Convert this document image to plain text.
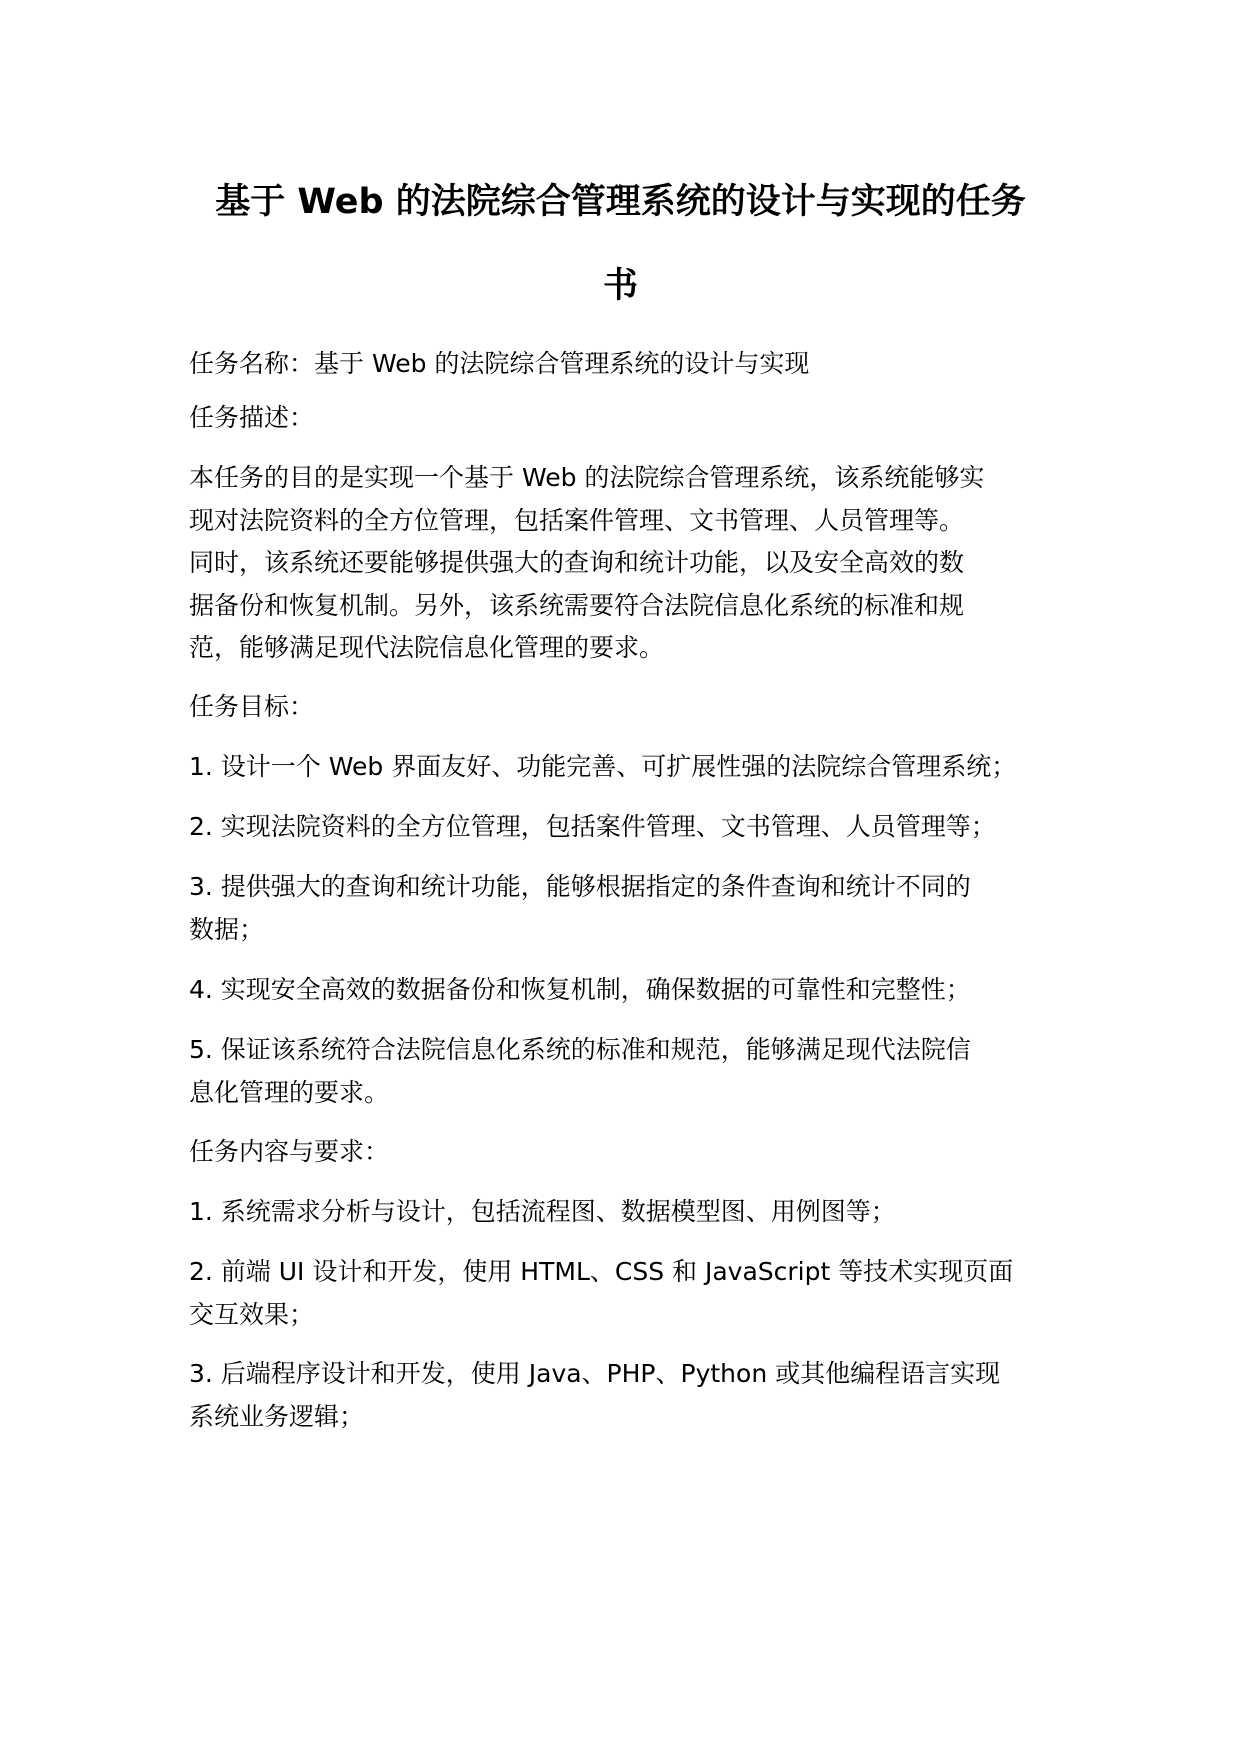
基于 Web 的法院综合管理系统的设计与实现的任务
书

任务名称：基于 Web 的法院综合管理系统的设计与实现

任务描述：

本任务的目的是实现一个基于 Web 的法院综合管理系统，该系统能够实

现对法院资料的全方位管理，包括案件管理、文书管理、人员管理等。

同时，该系统还要能够提供强大的查询和统计功能，以及安全高效的数

据备份和恢复机制。另外，该系统需要符合法院信息化系统的标准和规

范，能够满足现代法院信息化管理的要求。

任务目标：

1. 设计一个 Web 界面友好、功能完善、可扩展性强的法院综合管理系统；

2. 实现法院资料的全方位管理，包括案件管理、文书管理、人员管理等；

3. 提供强大的查询和统计功能，能够根据指定的条件查询和统计不同的

数据；

4. 实现安全高效的数据备份和恢复机制，确保数据的可靠性和完整性；

5. 保证该系统符合法院信息化系统的标准和规范，能够满足现代法院信

息化管理的要求。

任务内容与要求：

1. 系统需求分析与设计，包括流程图、数据模型图、用例图等；

2. 前端 UI 设计和开发，使用 HTML、CSS 和 JavaScript 等技术实现页面

交互效果；

3. 后端程序设计和开发，使用 Java、PHP、Python 或其他编程语言实现

系统业务逻辑；
